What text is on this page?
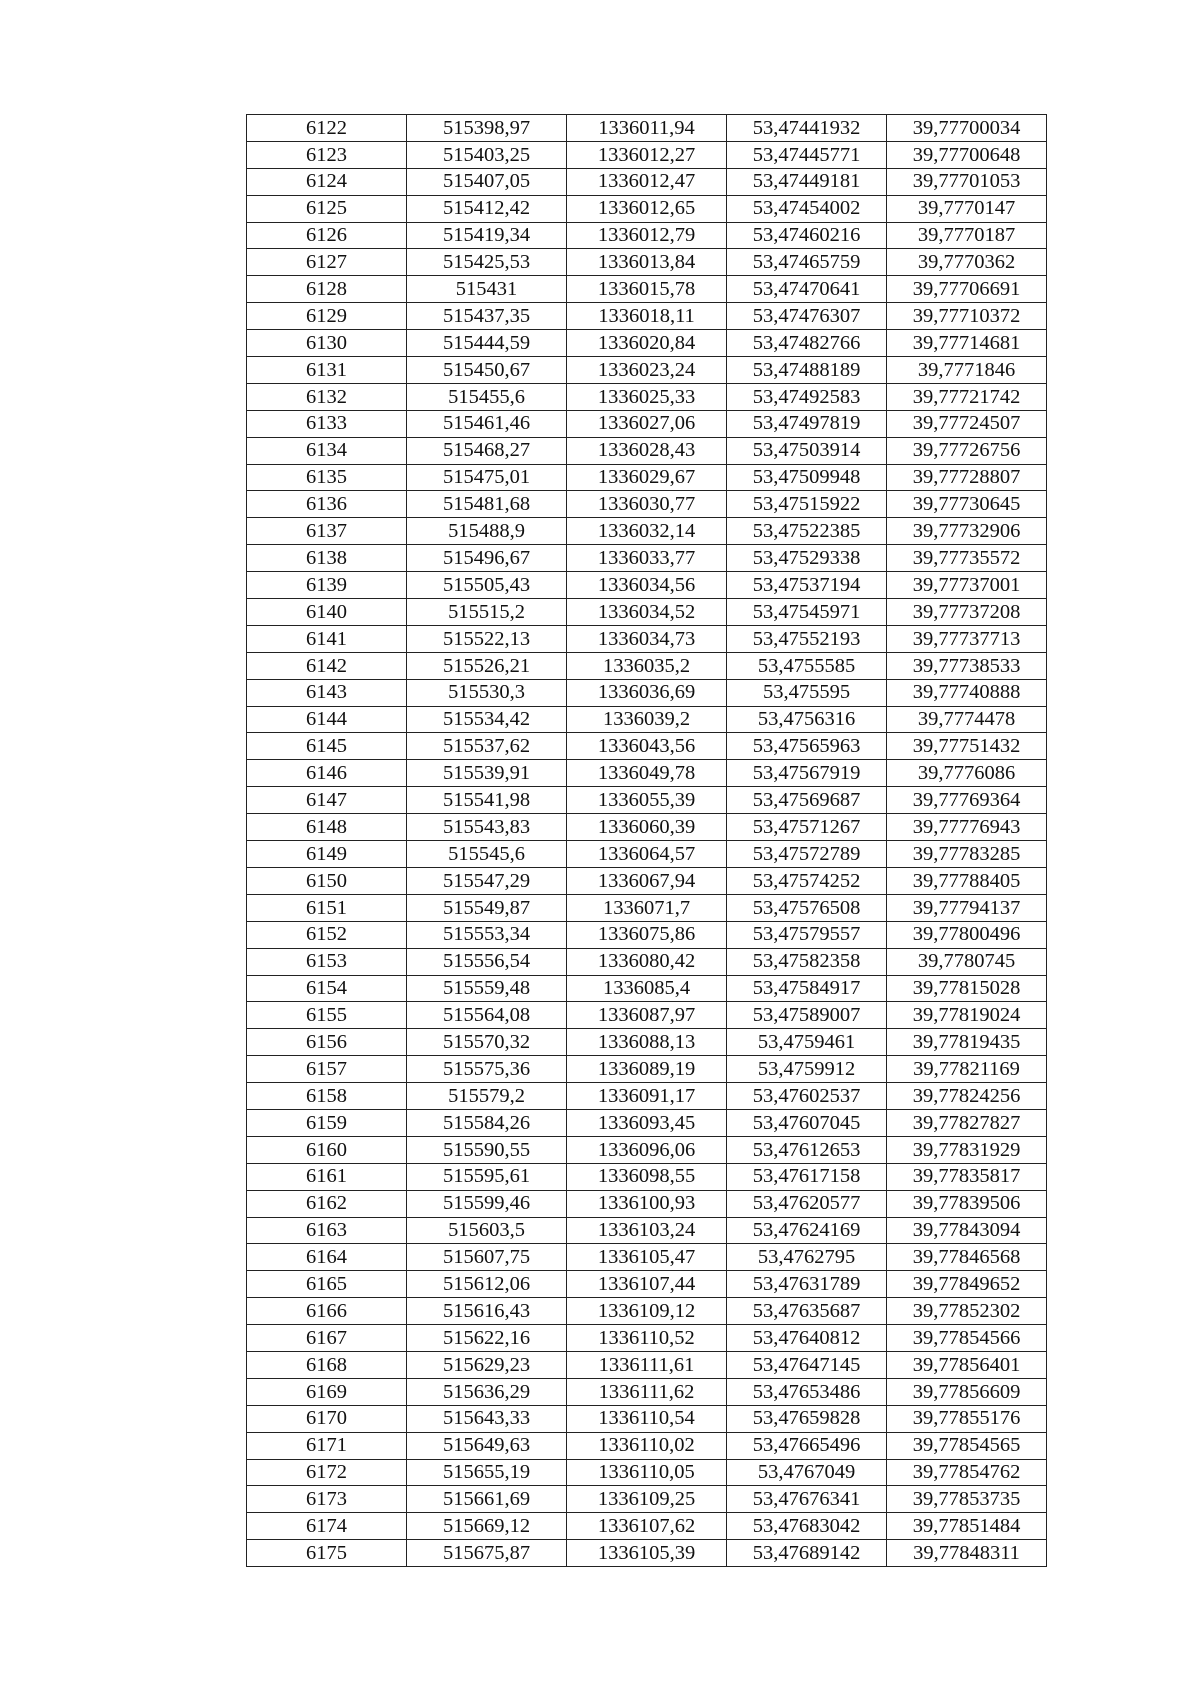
6122	515398,97	1336011,94	53,47441932	39,77700034
6123	515403,25	1336012,27	53,47445771	39,77700648
6124	515407,05	1336012,47	53,47449181	39,77701053
6125	515412,42	1336012,65	53,47454002	39,7770147
6126	515419,34	1336012,79	53,47460216	39,7770187
6127	515425,53	1336013,84	53,47465759	39,7770362
6128	515431	1336015,78	53,47470641	39,77706691
6129	515437,35	1336018,11	53,47476307	39,77710372
6130	515444,59	1336020,84	53,47482766	39,77714681
6131	515450,67	1336023,24	53,47488189	39,7771846
6132	515455,6	1336025,33	53,47492583	39,77721742
6133	515461,46	1336027,06	53,47497819	39,77724507
6134	515468,27	1336028,43	53,47503914	39,77726756
6135	515475,01	1336029,67	53,47509948	39,77728807
6136	515481,68	1336030,77	53,47515922	39,77730645
6137	515488,9	1336032,14	53,47522385	39,77732906
6138	515496,67	1336033,77	53,47529338	39,77735572
6139	515505,43	1336034,56	53,47537194	39,77737001
6140	515515,2	1336034,52	53,47545971	39,77737208
6141	515522,13	1336034,73	53,47552193	39,77737713
6142	515526,21	1336035,2	53,4755585	39,77738533
6143	515530,3	1336036,69	53,475595	39,77740888
6144	515534,42	1336039,2	53,4756316	39,7774478
6145	515537,62	1336043,56	53,47565963	39,77751432
6146	515539,91	1336049,78	53,47567919	39,7776086
6147	515541,98	1336055,39	53,47569687	39,77769364
6148	515543,83	1336060,39	53,47571267	39,77776943
6149	515545,6	1336064,57	53,47572789	39,77783285
6150	515547,29	1336067,94	53,47574252	39,77788405
6151	515549,87	1336071,7	53,47576508	39,77794137
6152	515553,34	1336075,86	53,47579557	39,77800496
6153	515556,54	1336080,42	53,47582358	39,7780745
6154	515559,48	1336085,4	53,47584917	39,77815028
6155	515564,08	1336087,97	53,47589007	39,77819024
6156	515570,32	1336088,13	53,4759461	39,77819435
6157	515575,36	1336089,19	53,4759912	39,77821169
6158	515579,2	1336091,17	53,47602537	39,77824256
6159	515584,26	1336093,45	53,47607045	39,77827827
6160	515590,55	1336096,06	53,47612653	39,77831929
6161	515595,61	1336098,55	53,47617158	39,77835817
6162	515599,46	1336100,93	53,47620577	39,77839506
6163	515603,5	1336103,24	53,47624169	39,77843094
6164	515607,75	1336105,47	53,4762795	39,77846568
6165	515612,06	1336107,44	53,47631789	39,77849652
6166	515616,43	1336109,12	53,47635687	39,77852302
6167	515622,16	1336110,52	53,47640812	39,77854566
6168	515629,23	1336111,61	53,47647145	39,77856401
6169	515636,29	1336111,62	53,47653486	39,77856609
6170	515643,33	1336110,54	53,47659828	39,77855176
6171	515649,63	1336110,02	53,47665496	39,77854565
6172	515655,19	1336110,05	53,4767049	39,77854762
6173	515661,69	1336109,25	53,47676341	39,77853735
6174	515669,12	1336107,62	53,47683042	39,77851484
6175	515675,87	1336105,39	53,47689142	39,77848311
